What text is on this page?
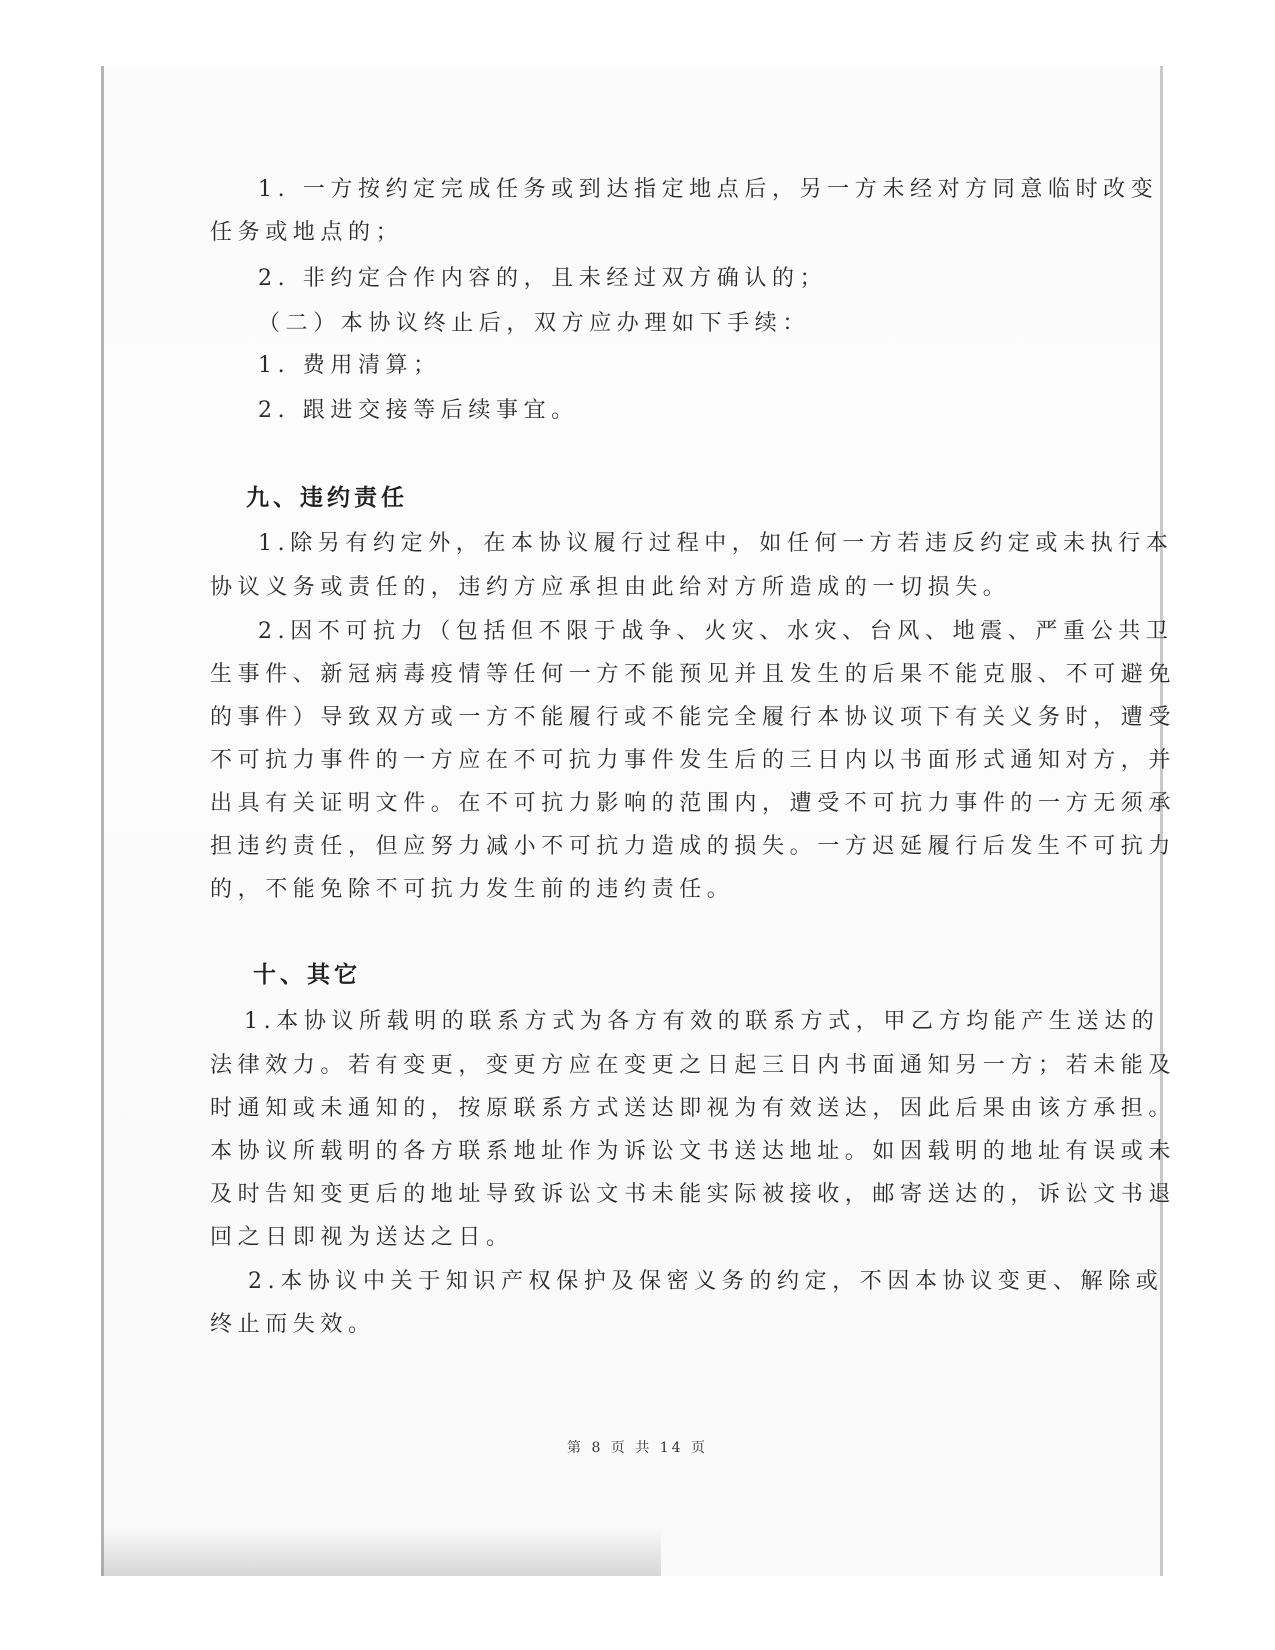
1. 一方按约定完成任务或到达指定地点后，另一方未经对方同意临时改变
任务或地点的；
2. 非约定合作内容的，且未经过双方确认的；
（二）本协议终止后，双方应办理如下手续：
1. 费用清算；
2. 跟进交接等后续事宜。
九、违约责任
1.除另有约定外，在本协议履行过程中，如任何一方若违反约定或未执行本
协议义务或责任的，违约方应承担由此给对方所造成的一切损失。
2.因不可抗力（包括但不限于战争、火灾、水灾、台风、地震、严重公共卫
生事件、新冠病毒疫情等任何一方不能预见并且发生的后果不能克服、不可避免
的事件）导致双方或一方不能履行或不能完全履行本协议项下有关义务时，遭受
不可抗力事件的一方应在不可抗力事件发生后的三日内以书面形式通知对方，并
出具有关证明文件。在不可抗力影响的范围内，遭受不可抗力事件的一方无须承
担违约责任，但应努力减小不可抗力造成的损失。一方迟延履行后发生不可抗力
的，不能免除不可抗力发生前的违约责任。
十、其它
1.本协议所载明的联系方式为各方有效的联系方式，甲乙方均能产生送达的
法律效力。若有变更，变更方应在变更之日起三日内书面通知另一方；若未能及
时通知或未通知的，按原联系方式送达即视为有效送达，因此后果由该方承担。
本协议所载明的各方联系地址作为诉讼文书送达地址。如因载明的地址有误或未
及时告知变更后的地址导致诉讼文书未能实际被接收，邮寄送达的，诉讼文书退
回之日即视为送达之日。
2.本协议中关于知识产权保护及保密义务的约定，不因本协议变更、解除或
终止而失效。
第 8 页 共 14 页
